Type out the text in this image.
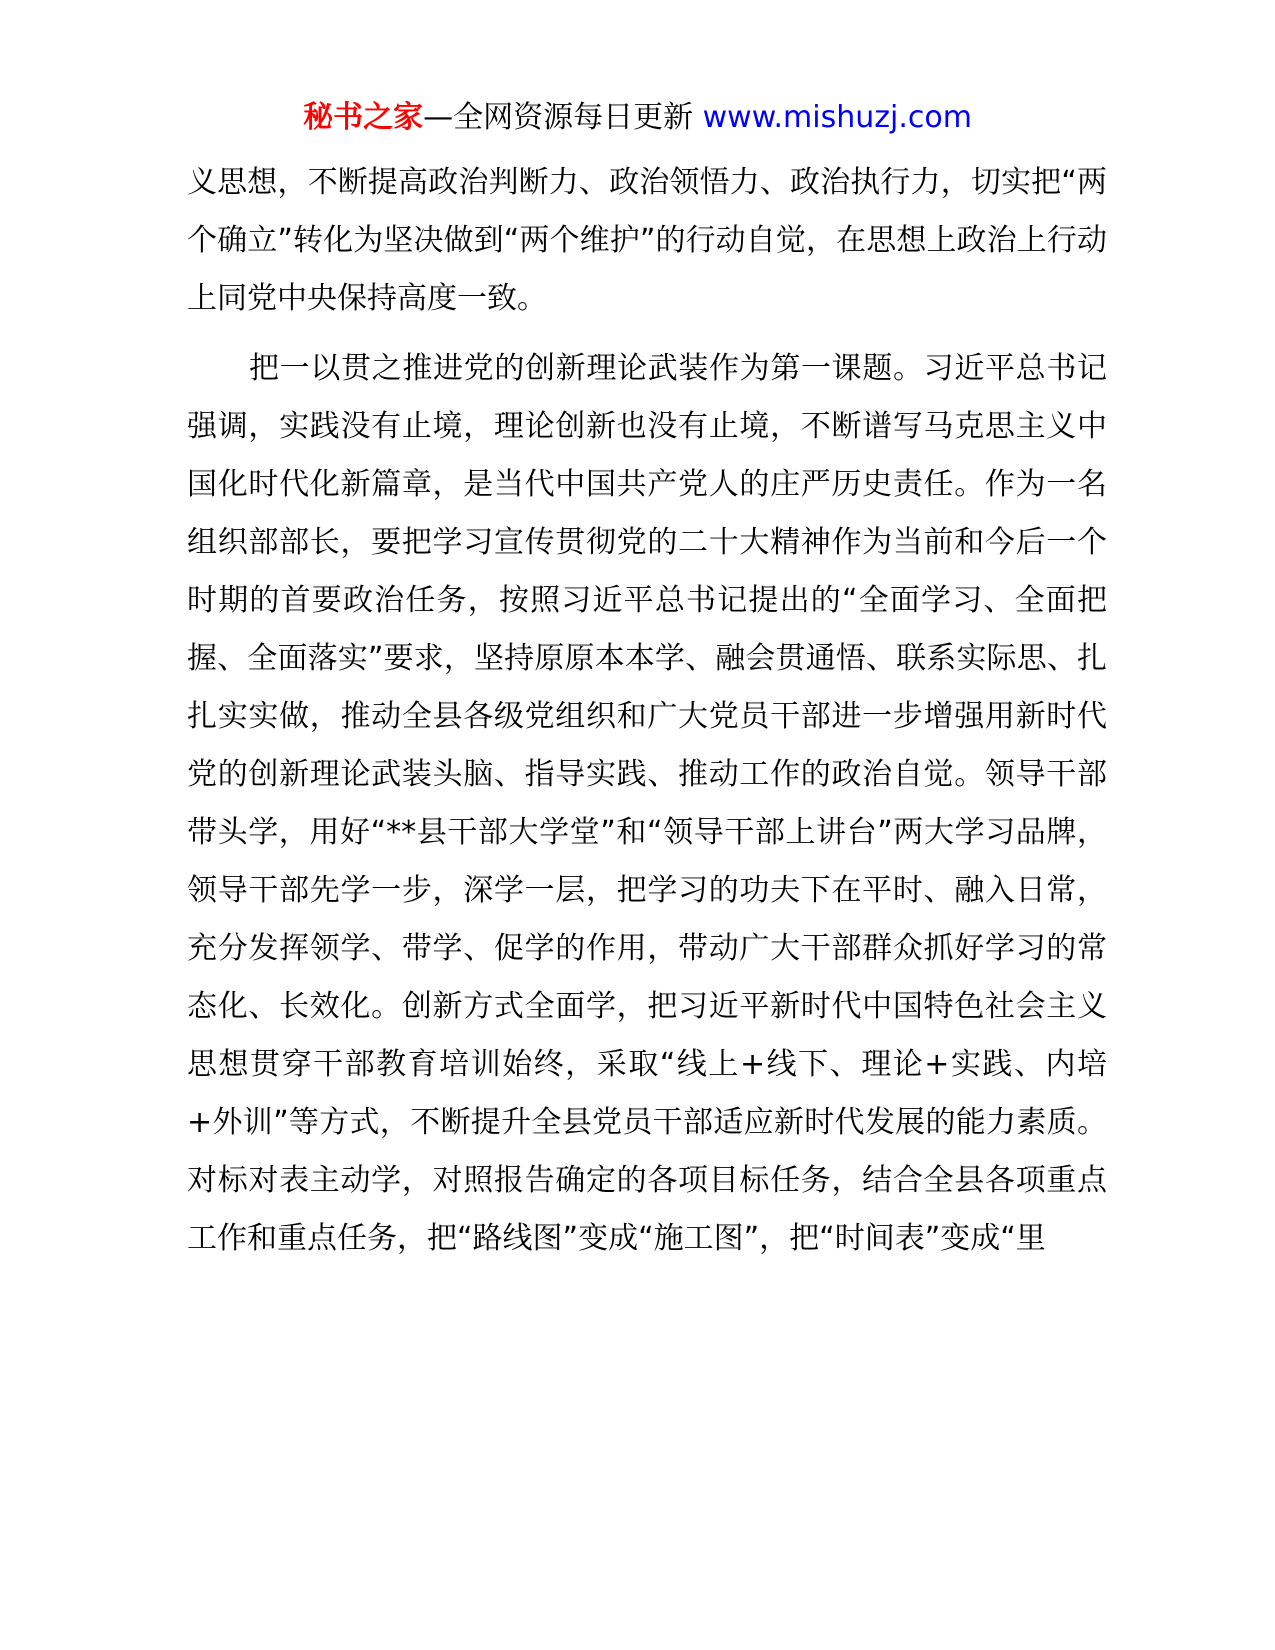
秘书之家—全网资源每日更新 www.mishuzj.com

义思想，不断提高政治判断力、政治领悟力、政治执行力，切实把“两个确立”转化为坚决做到“两个维护”的行动自觉，在思想上政治上行动上同党中央保持高度一致。

把一以贯之推进党的创新理论武装作为第一课题。习近平总书记强调，实践没有止境，理论创新也没有止境，不断谱写马克思主义中国化时代化新篇章，是当代中国共产党人的庄严历史责任。作为一名组织部部长，要把学习宣传贯彻党的二十大精神作为当前和今后一个时期的首要政治任务，按照习近平总书记提出的“全面学习、全面把握、全面落实”要求，坚持原原本本学、融会贯通悟、联系实际思、扎扎实实做，推动全县各级党组织和广大党员干部进一步增强用新时代党的创新理论武装头脑、指导实践、推动工作的政治自觉。领导干部带头学，用好“**县干部大学堂”和“领导干部上讲台”两大学习品牌，领导干部先学一步，深学一层，把学习的功夫下在平时、融入日常，充分发挥领学、带学、促学的作用，带动广大干部群众抓好学习的常态化、长效化。创新方式全面学，把习近平新时代中国特色社会主义思想贯穿干部教育培训始终，采取“线上+线下、理论+实践、内培+外训”等方式，不断提升全县党员干部适应新时代发展的能力素质。对标对表主动学，对照报告确定的各项目标任务，结合全县各项重点工作和重点任务，把“路线图”变成“施工图”，把“时间表”变成“里
